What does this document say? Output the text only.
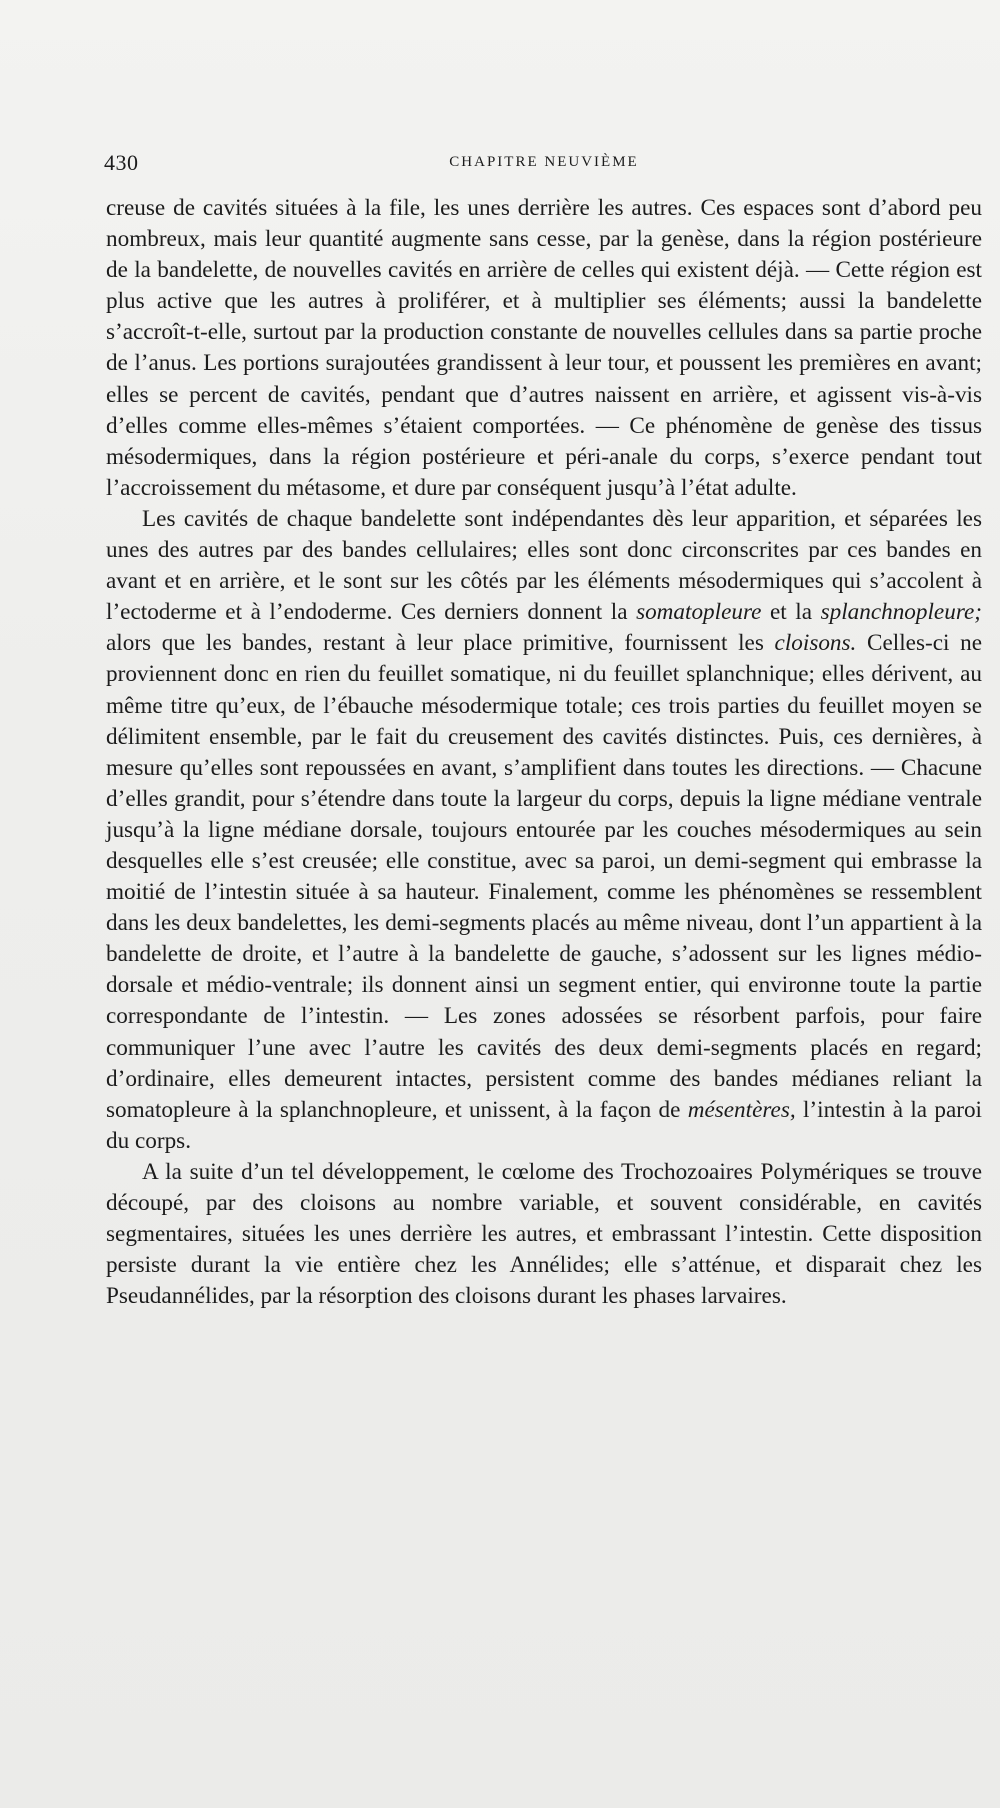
430	CHAPITRE NEUVIÈME

creuse de cavités situées à la file, les unes derrière les autres. Ces espaces sont d’abord peu nombreux, mais leur quantité augmente sans cesse, par la genèse, dans la région postérieure de la bandelette, de nouvelles cavités en arrière de celles qui existent déjà. — Cette région est plus active que les autres à proliférer, et à multiplier ses éléments; aussi la bandelette s’accroît-t-elle, surtout par la production constante de nouvelles cellules dans sa partie proche de l’anus. Les portions surajoutées grandissent à leur tour, et poussent les premières en avant; elles se percent de cavités, pendant que d’autres naissent en arrière, et agissent vis-à-vis d’elles comme elles-mêmes s’étaient comportées. — Ce phénomène de genèse des tissus mésodermiques, dans la région postérieure et péri-anale du corps, s’exerce pendant tout l’accroissement du métasome, et dure par conséquent jusqu’à l’état adulte.

Les cavités de chaque bandelette sont indépendantes dès leur apparition, et séparées les unes des autres par des bandes cellulaires; elles sont donc circonscrites par ces bandes en avant et en arrière, et le sont sur les côtés par les éléments mésodermiques qui s’accolent à l’ectoderme et à l’endoderme. Ces derniers donnent la somatopleure et la splanchnopleure; alors que les bandes, restant à leur place primitive, fournissent les cloisons. Celles-ci ne proviennent donc en rien du feuillet somatique, ni du feuillet splanchnique; elles dérivent, au même titre qu’eux, de l’ébauche mésodermique totale; ces trois parties du feuillet moyen se délimitent ensemble, par le fait du creusement des cavités distinctes. Puis, ces dernières, à mesure qu’elles sont repoussées en avant, s’amplifient dans toutes les directions. — Chacune d’elles grandit, pour s’étendre dans toute la largeur du corps, depuis la ligne médiane ventrale jusqu’à la ligne médiane dorsale, toujours entourée par les couches mésodermiques au sein desquelles elle s’est creusée; elle constitue, avec sa paroi, un demi-segment qui embrasse la moitié de l’intestin située à sa hauteur. Finalement, comme les phénomènes se ressemblent dans les deux bandelettes, les demi-segments placés au même niveau, dont l’un appartient à la bandelette de droite, et l’autre à la bandelette de gauche, s’adossent sur les lignes médio-dorsale et médio-ventrale; ils donnent ainsi un segment entier, qui environne toute la partie correspondante de l’intestin. — Les zones adossées se résorbent parfois, pour faire communiquer l’une avec l’autre les cavités des deux demi-segments placés en regard; d’ordinaire, elles demeurent intactes, persistent comme des bandes médianes reliant la somatopleure à la splanchnopleure, et unissent, à la façon de mésentères, l’intestin à la paroi du corps.

A la suite d’un tel développement, le cœlome des Trochozoaires Polymériques se trouve découpé, par des cloisons au nombre variable, et souvent considérable, en cavités segmentaires, situées les unes derrière les autres, et embrassant l’intestin. Cette disposition persiste durant la vie entière chez les Annélides; elle s’atténue, et disparait chez les Pseudannélides, par la résorption des cloisons durant les phases larvaires.
